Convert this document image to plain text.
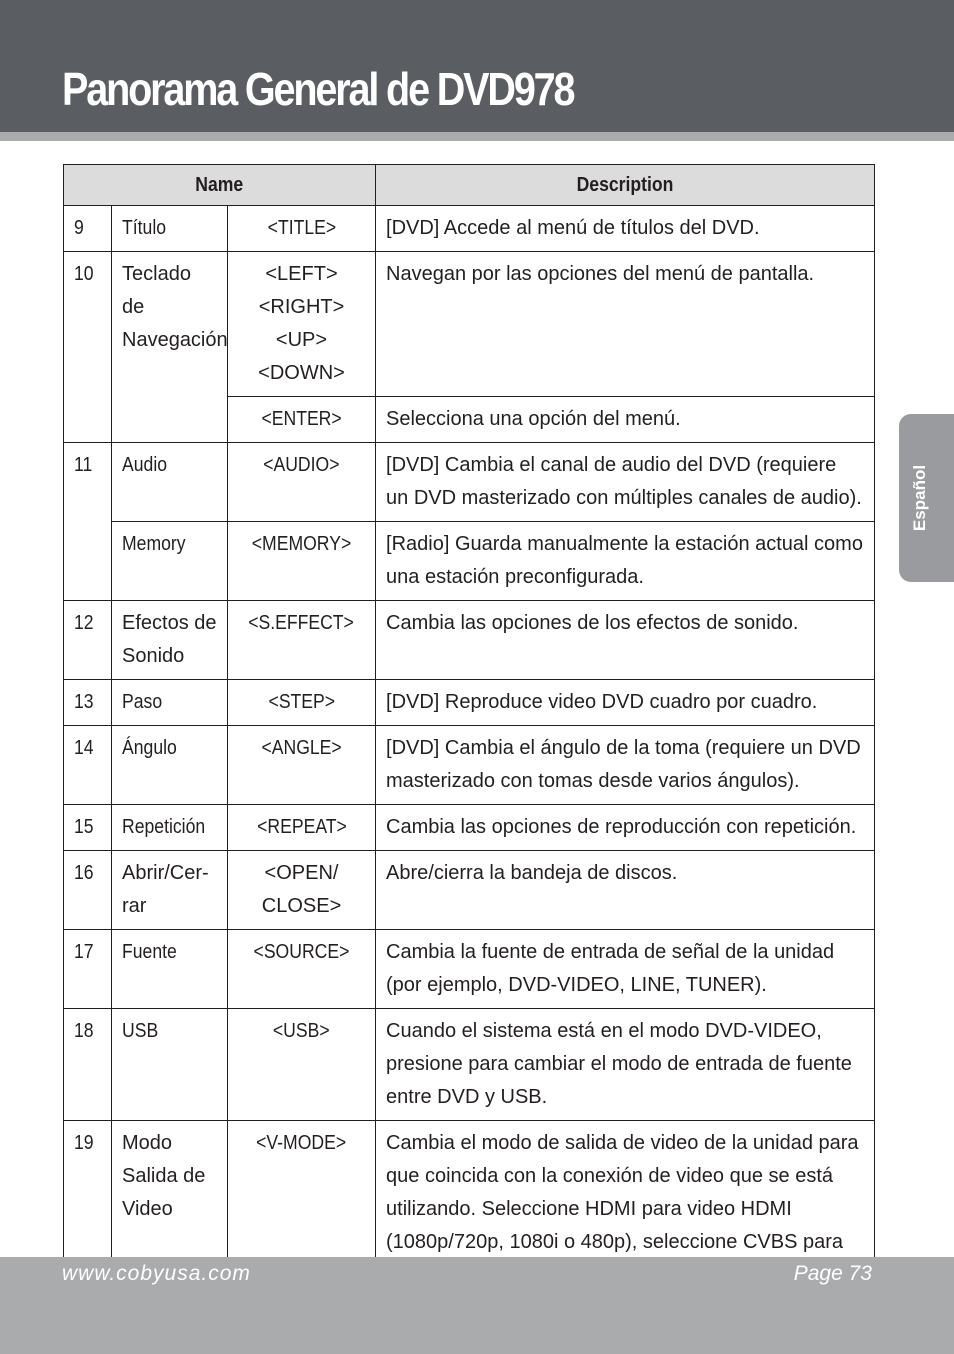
Panorama General de DVD978
Español
Name			Description
9	Título	<TITLE>	[DVD] Accede al menú de títulos del DVD.

10	Teclado de Navegación	<LEFT> <RIGHT> <UP> <DOWN>	Navegan por las opciones del menú de pantalla.

		<ENTER>	Selecciona una opción del menú.

11	Audio	<AUDIO>	[DVD] Cambia el canal de audio del DVD (requiere un DVD masterizado con múltiples canales de audio).

	Memory	<MEMORY>	[Radio] Guarda manualmente la estación actual como una estación preconfigurada.

12	Efectos de Sonido	<S.EFFECT>	Cambia las opciones de los efectos de sonido.

13	Paso	<STEP>	[DVD] Reproduce video DVD cuadro por cuadro.

14	Ángulo	<ANGLE>	[DVD] Cambia el ángulo de la toma (requiere un DVD masterizado con tomas desde varios ángulos).

15	Repetición	<REPEAT>	Cambia las opciones de reproducción con repetición.

16	Abrir/Cer- rar	<OPEN/ CLOSE>	Abre/cierra la bandeja de discos.

17	Fuente	<SOURCE>	Cambia la fuente de entrada de señal de la unidad (por ejemplo, DVD-VIDEO, LINE, TUNER).

18	USB	<USB>	Cuando el sistema está en el modo DVD-VIDEO, presione para cambiar el modo de entrada de fuente entre DVD y USB.

19	Modo Salida de Video	<V-MODE>	Cambia el modo de salida de video de la unidad para que coincida con la conexión de video que se está utilizando. Seleccione HDMI para video HDMI (1080p/720p, 1080i o 480p), seleccione CVBS para
www.cobyusa.com	Page 73
